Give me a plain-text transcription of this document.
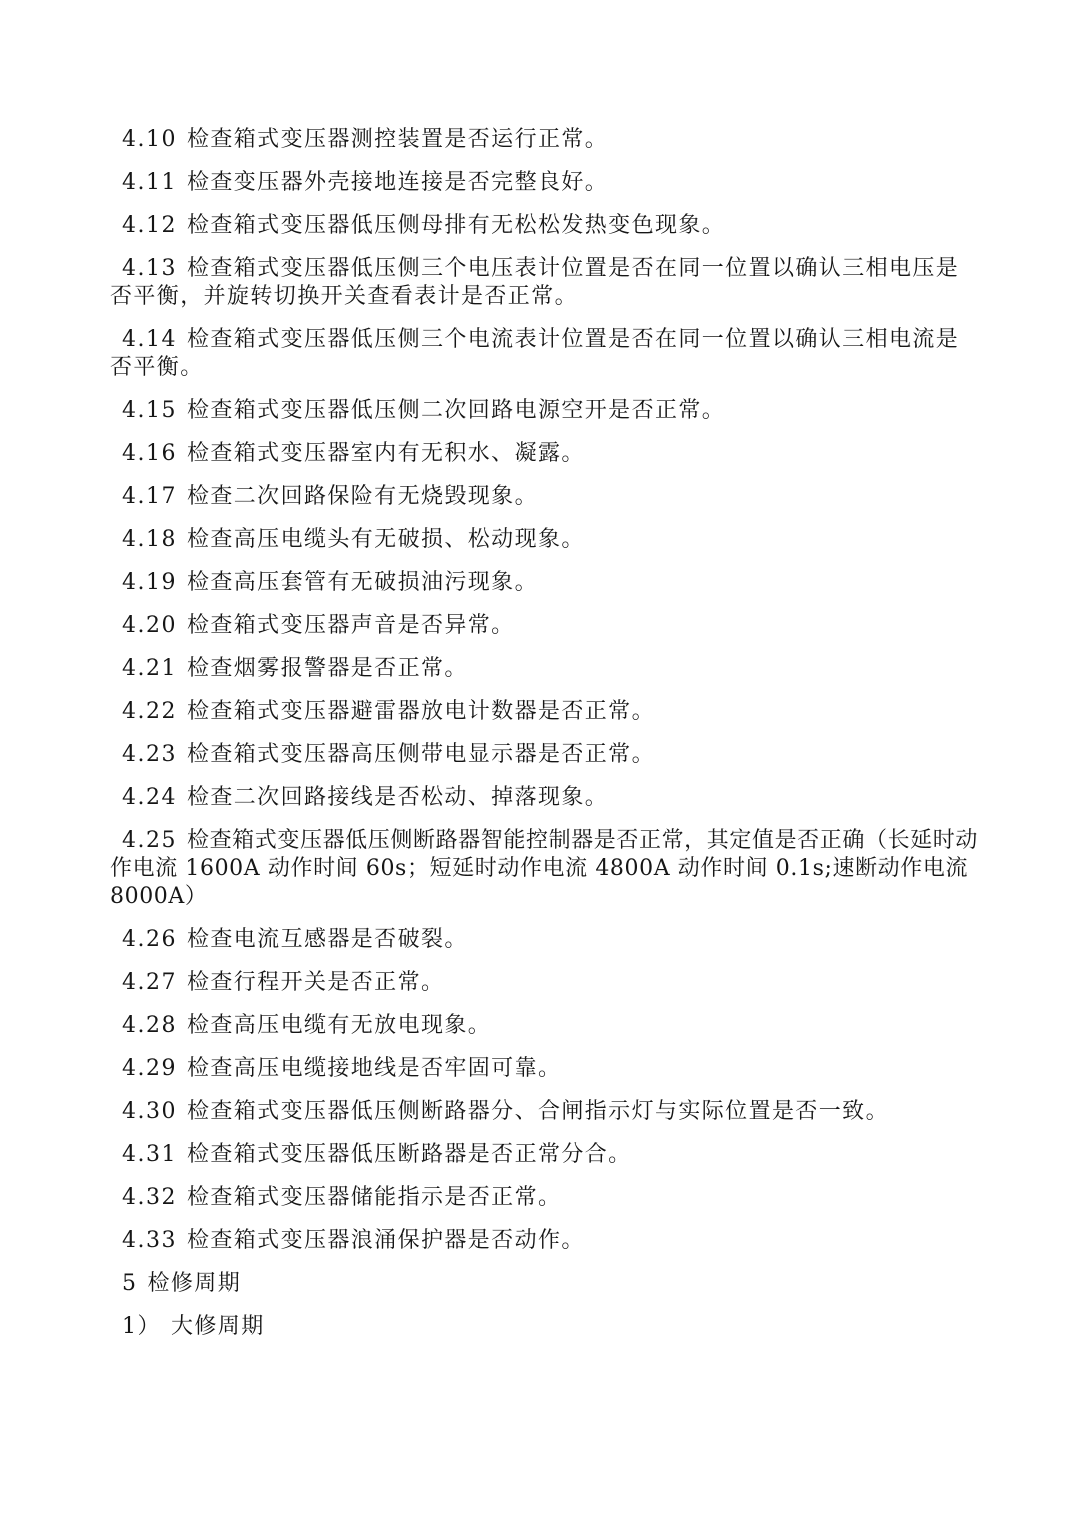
4.10 检查箱式变压器测控装置是否运行正常。

4.11 检查变压器外壳接地连接是否完整良好。

4.12 检查箱式变压器低压侧母排有无松松发热变色现象。

4.13 检查箱式变压器低压侧三个电压表计位置是否在同一位置以确认三相电压是否平衡，并旋转切换开关查看表计是否正常。

4.14 检查箱式变压器低压侧三个电流表计位置是否在同一位置以确认三相电流是否平衡。

4.15 检查箱式变压器低压侧二次回路电源空开是否正常。

4.16 检查箱式变压器室内有无积水、凝露。

4.17 检查二次回路保险有无烧毁现象。

4.18 检查高压电缆头有无破损、松动现象。

4.19 检查高压套管有无破损油污现象。

4.20 检查箱式变压器声音是否异常。

4.21 检查烟雾报警器是否正常。

4.22 检查箱式变压器避雷器放电计数器是否正常。

4.23 检查箱式变压器高压侧带电显示器是否正常。

4.24 检查二次回路接线是否松动、掉落现象。

4.25 检查箱式变压器低压侧断路器智能控制器是否正常，其定值是否正确（长延时动作电流 1600A 动作时间 60s；短延时动作电流 4800A 动作时间 0.1s;速断动作电流 8000A）

4.26 检查电流互感器是否破裂。

4.27 检查行程开关是否正常。

4.28 检查高压电缆有无放电现象。

4.29 检查高压电缆接地线是否牢固可靠。

4.30 检查箱式变压器低压侧断路器分、合闸指示灯与实际位置是否一致。

4.31 检查箱式变压器低压断路器是否正常分合。

4.32 检查箱式变压器储能指示是否正常。

4.33 检查箱式变压器浪涌保护器是否动作。

5 检修周期

1） 大修周期
